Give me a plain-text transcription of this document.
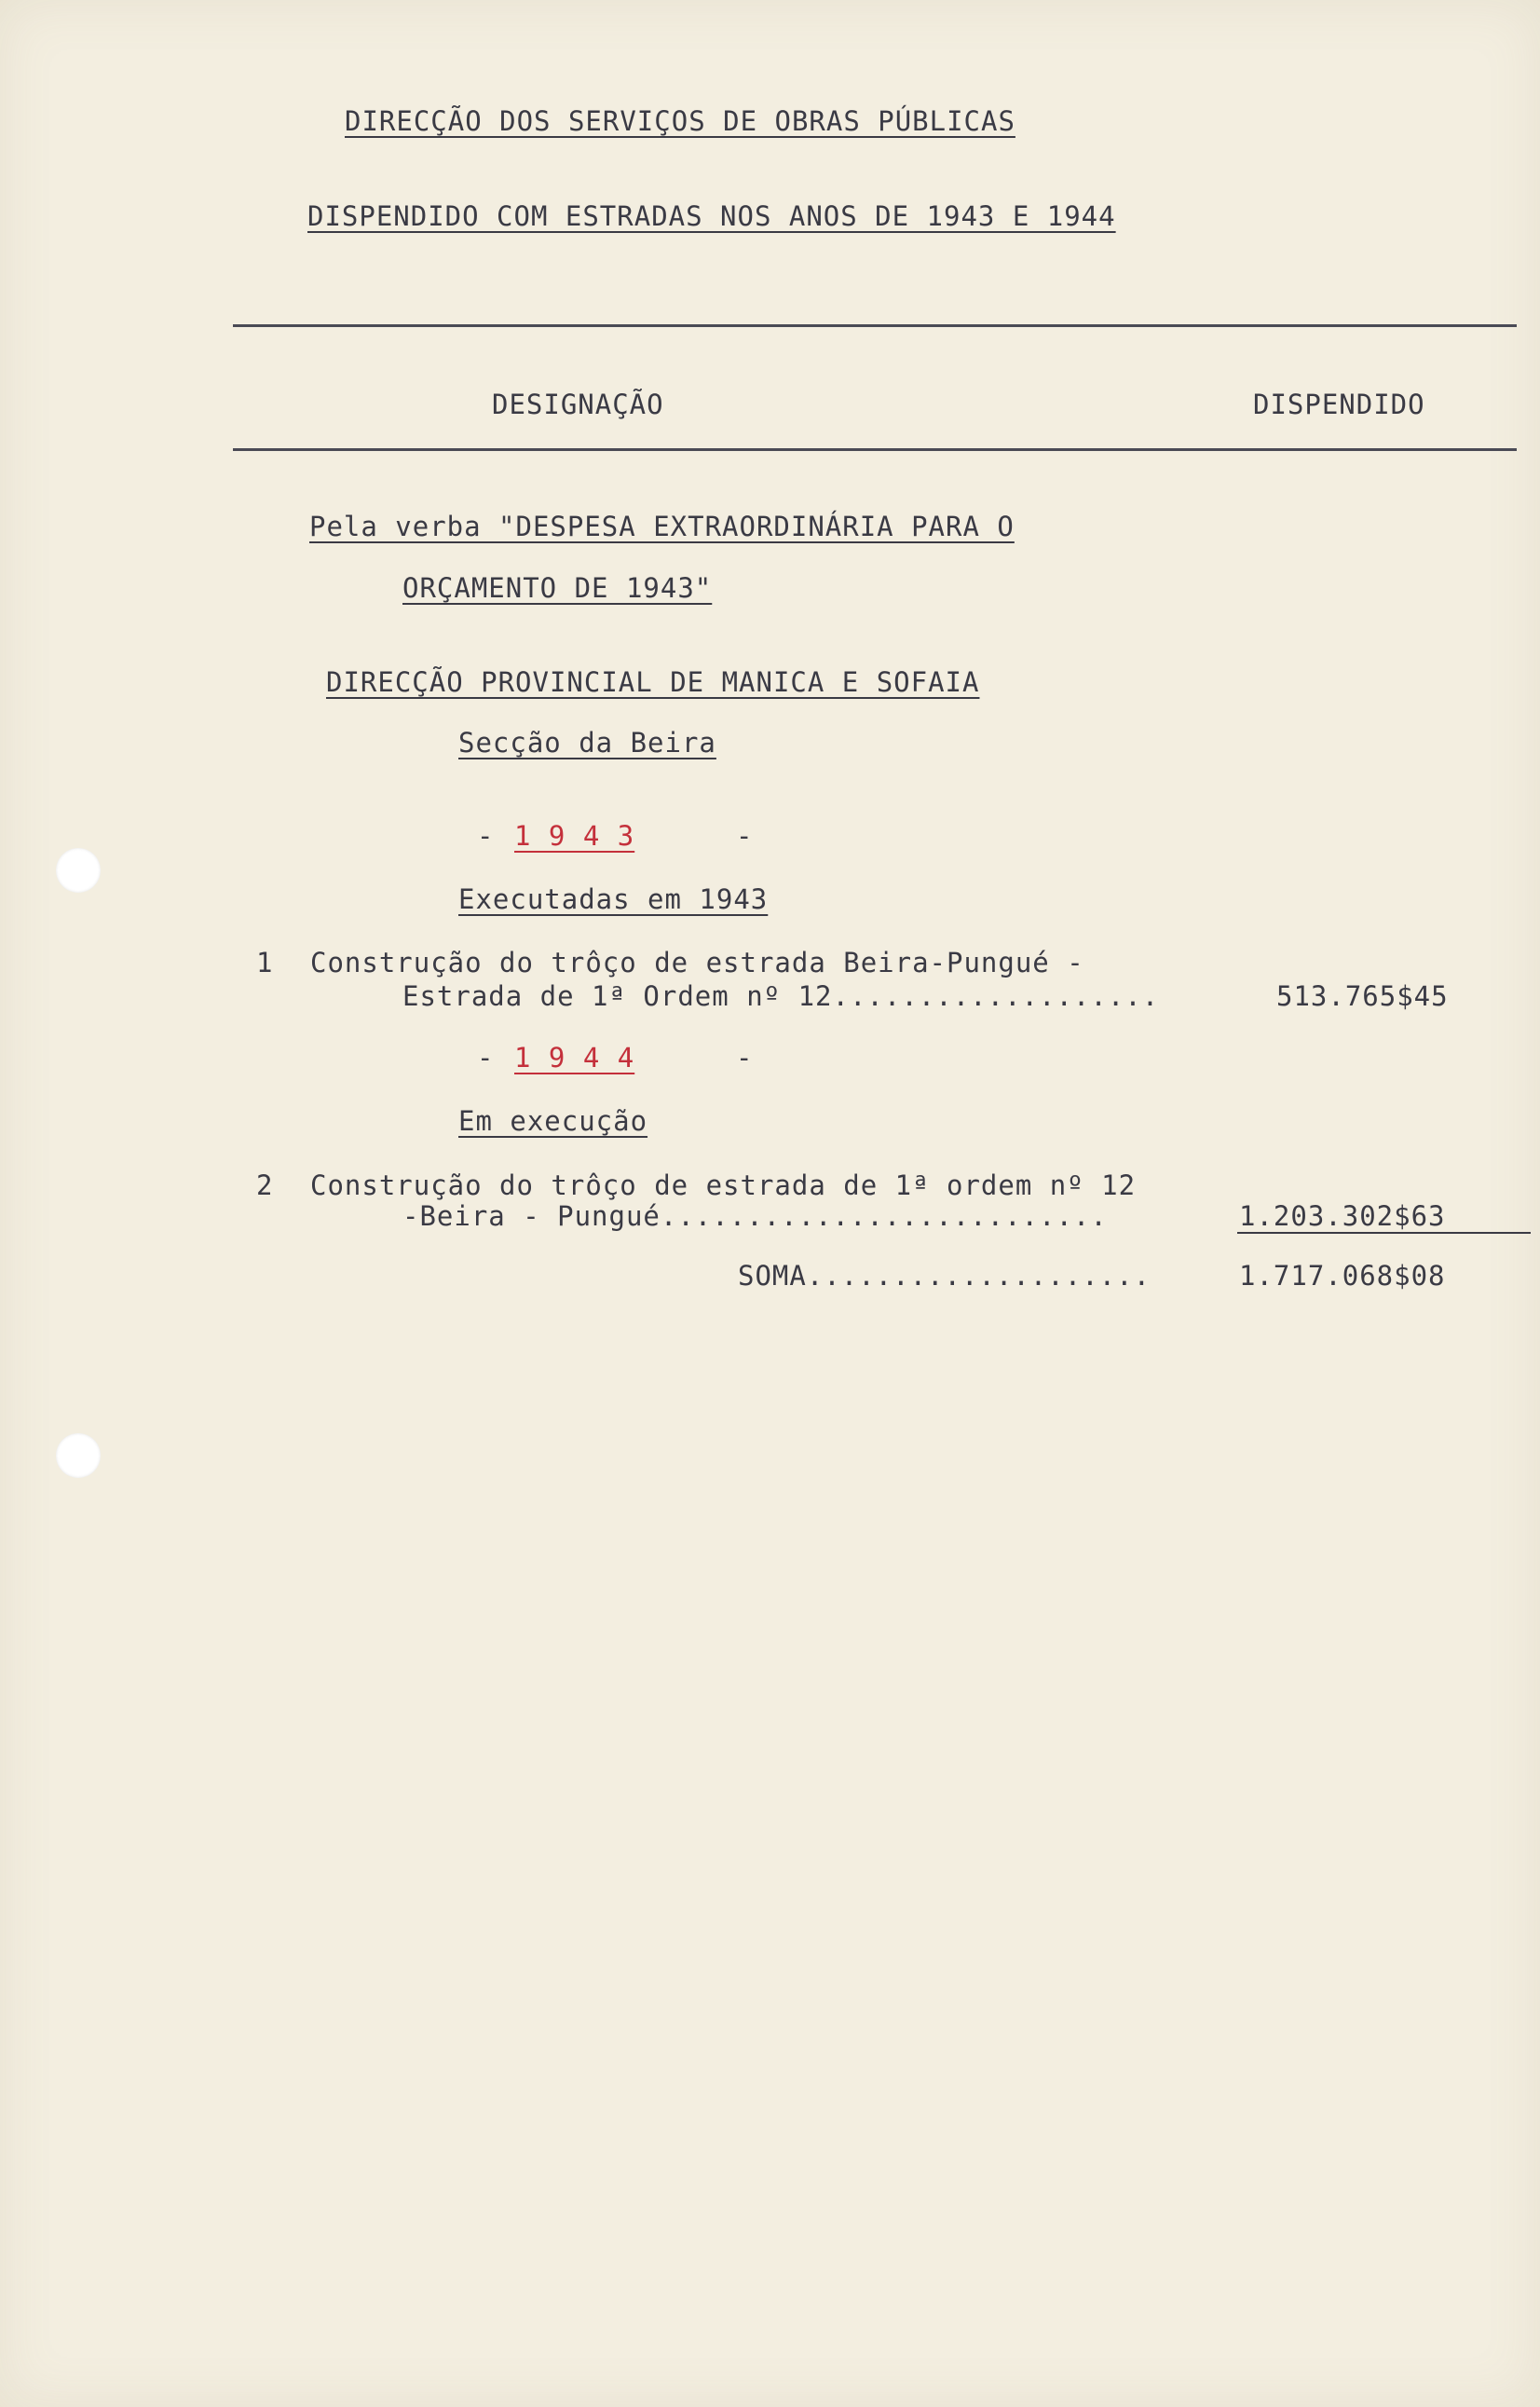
DIRECÇÃO DOS SERVIÇOS DE OBRAS PÚBLICAS
DISPENDIDO COM ESTRADAS NOS ANOS DE 1943 E 1944
DESIGNAÇÃO	DISPENDIDO
Pela verba "DESPESA EXTRAORDINÁRIA PARA O
ORÇAMENTO DE 1943"
DIRECÇÃO PROVINCIAL DE MANICA E SOFAIA
Secção da Beira
- 1 9 4 3	-
Executadas em 1943
1 Construção do trôço de estrada Beira-Pungué -
Estrada de 1ª Ordem nº 12...................	513.765$45
- 1 9 4 4	-
Em execução
2 Construção do trôço de estrada de 1ª ordem nº 12
-Beira - Pungué..........................	1.203.302$63
SOMA....................	1.717.068$08
